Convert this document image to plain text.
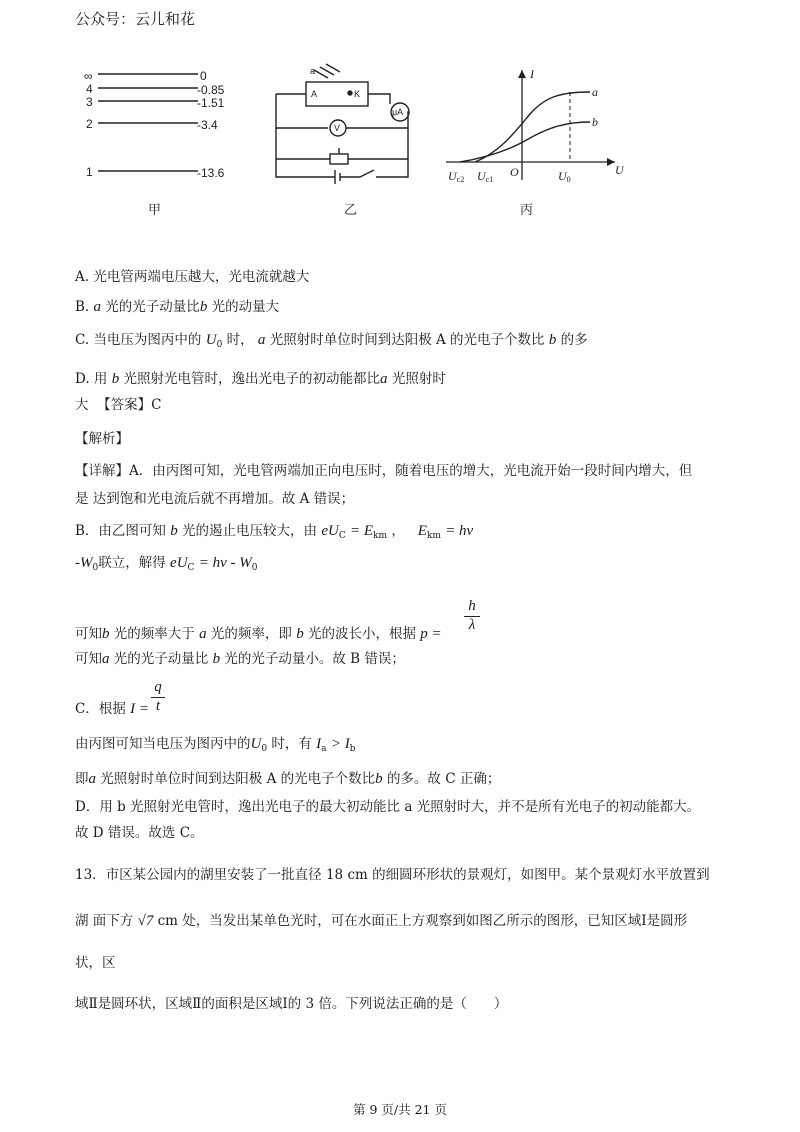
公众号：云儿和花
∞	0
4	-0.85
3	-1.51
2	-3.4
1	-13.6
甲
a
A	K
μA
V
乙
I
U
a
b
O
Uc2 Uc1	U0
丙
A. 光电管两端电压越大，光电流就越大
B. a 光的光子动量比b 光的动量大
C. 当电压为图丙中的 $U_0$ 时， a 光照射时单位时间到达阳极 A 的光电子个数比 b 的多
D. 用 b 光照射光电管时，逸出光电子的初动能都比a 光照射时
大 【答案】C
【解析】
【详解】A．由丙图可知，光电管两端加正向电压时，随着电压的增大，光电流开始一段时间内增大，但
是 达到饱和光电流后就不再增加。故 A 错误；
B．由乙图可知 b 光的遏止电压较大，由 $eU_C = E_{km}$ ，   $E_{km} = h\nu$
$-W_0$联立，解得 $eU_C = h\nu - W_0$
可知b 光的频率大于 a 光的频率，即 b 光的波长小，根据 $p = \frac{h}{\lambda}$
可知a 光的光子动量比 b 光的光子动量小。故 B 错误；
C．根据 $I = \frac{q}{t}$
由丙图可知当电压为图丙中的$U_0$ 时，有 $I_a > I_b$
即a 光照射时单位时间到达阳极 A 的光电子个数比b 的多。故 C 正确；
D．用 b 光照射光电管时，逸出光电子的最大初动能比 a 光照射时大，并不是所有光电子的初动能都大。
故 D 错误。故选 C。
13．市区某公园内的湖里安装了一批直径 18 cm 的细圆环形状的景观灯，如图甲。某个景观灯水平放置到
湖 面下方 √7 cm 处，当发出某单色光时，可在水面正上方观察到如图乙所示的图形，已知区域Ⅰ是圆形
状，区
域Ⅱ是圆环状，区域Ⅱ的面积是区域Ⅰ的 3 倍。下列说法正确的是（　　）
第 9 页/共 21 页
